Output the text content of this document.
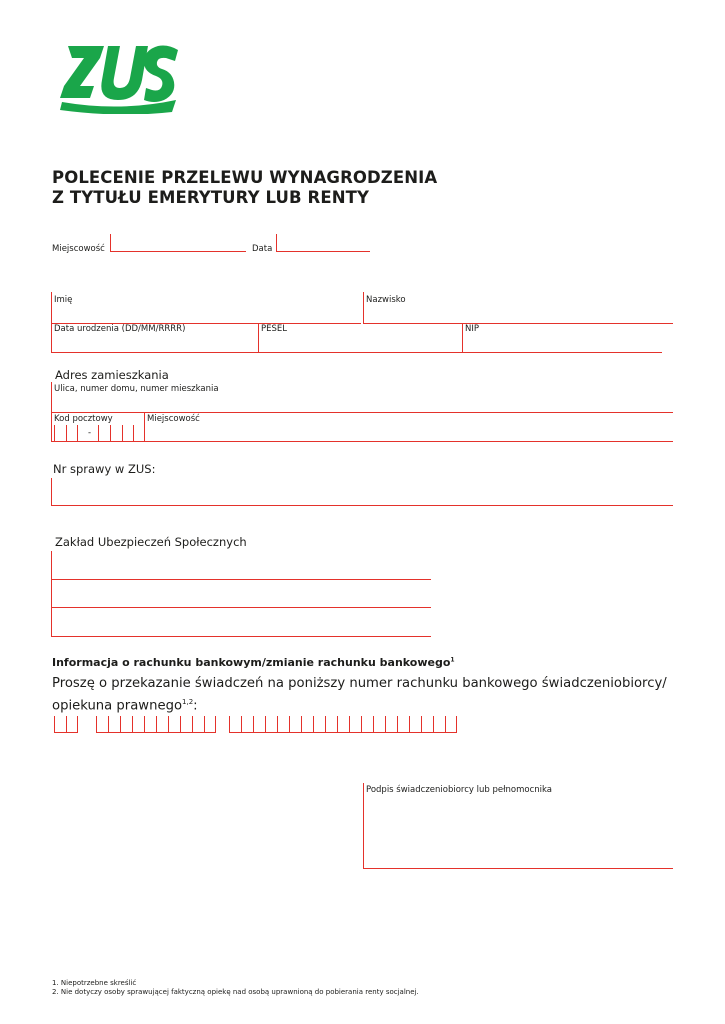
POLECENIE PRZELEWU WYNAGRODZENIA
Z TYTUŁU EMERYTURY LUB RENTY
Miejscowość	Data
Imię	Nazwisko
Data urodzenia (DD/MM/RRRR)	PESEL	NIP
Adres zamieszkania
Ulica, numer domu, numer mieszkania
Kod pocztowy
-
Miejscowość
Nr sprawy w ZUS:
Zakład Ubezpieczeń Społecznych
Informacja o rachunku bankowym/zmianie rachunku bankowego$^1$
Proszę o przekazanie świadczeń na poniższy numer rachunku bankowego świadczeniobiorcy/
opiekuna prawnego$^{1,2}$:
Podpis świadczeniobiorcy lub pełnomocnika
1. Niepotrzebne skreślić
2. Nie dotyczy osoby sprawującej faktyczną opiekę nad osobą uprawnioną do pobierania renty socjalnej.
